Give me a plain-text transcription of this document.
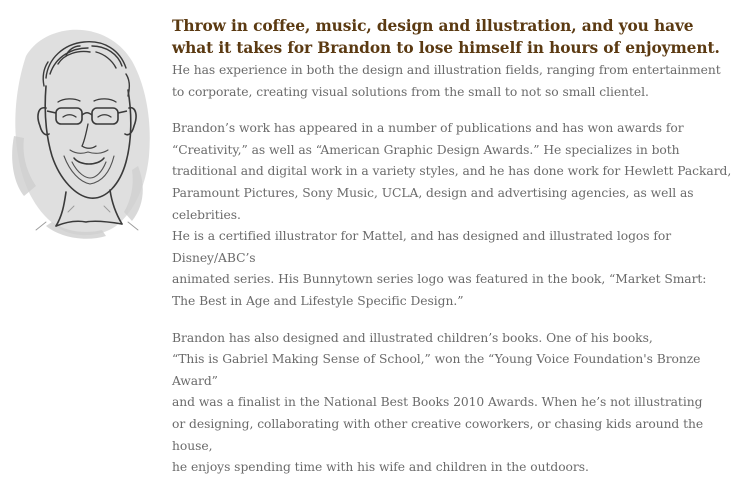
Throw in coffee, music, design and illustration, and you have
what it takes for Brandon to lose himself in hours of enjoyment.

He has experience in both the design and illustration fields, ranging from entertainment
to corporate, creating visual solutions from the small to not so small clientel.

Brandon’s work has appeared in a number of publications and has won awards for
“Creativity,” as well as “American Graphic Design Awards.” He specializes in both
traditional and digital work in a variety styles, and he has done work for Hewlett Packard,
Paramount Pictures, Sony Music, UCLA, design and advertising agencies, as well as celebrities.
He is a certified illustrator for Mattel, and has designed and illustrated logos for Disney/ABC’s
animated series. His Bunnytown series logo was featured in the book, “Market Smart:
The Best in Age and Lifestyle Specific Design.”

Brandon has also designed and illustrated children’s books. One of his books,
“This is Gabriel Making Sense of School,” won the “Young Voice Foundation's Bronze Award”
and was a finalist in the National Best Books 2010 Awards. When he’s not illustrating
or designing, collaborating with other creative coworkers, or chasing kids around the house,
he enjoys spending time with his wife and children in the outdoors.
